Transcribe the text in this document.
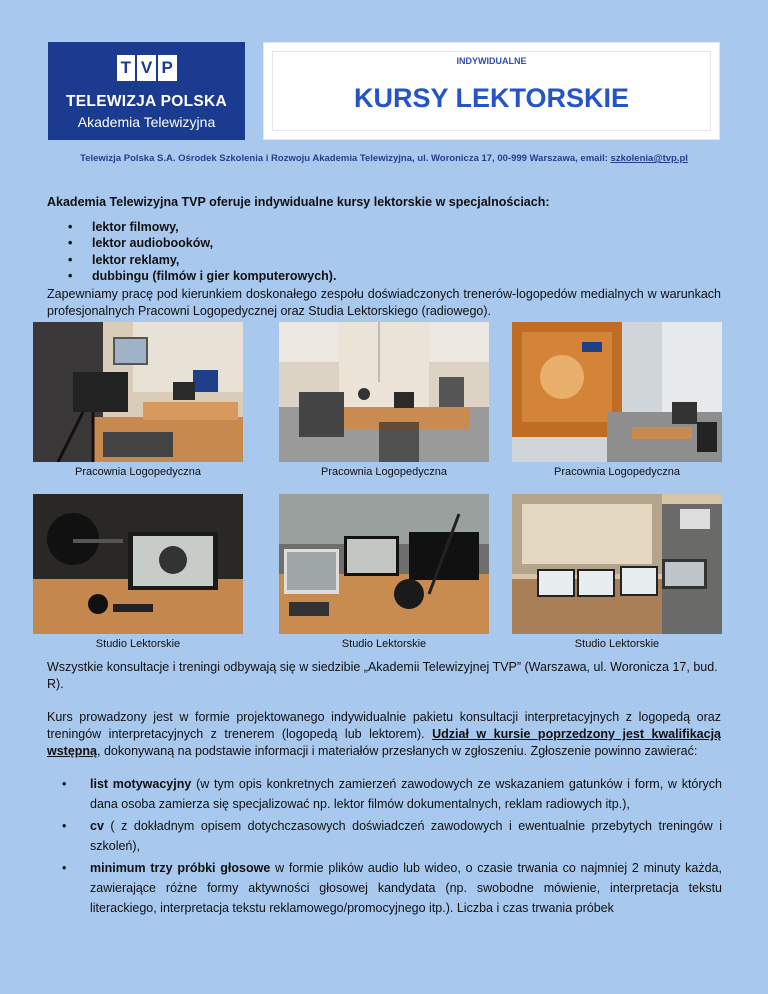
T V P
TELEWIZJA POLSKA
Akademia Telewizyjna
INDYWIDUALNE
KURSY LEKTORSKIE
Telewizja Polska S.A. Ośrodek Szkolenia i Rozwoju Akademia Telewizyjna, ul. Woronicza 17, 00-999 Warszawa, email: szkolenia@tvp.pl
Akademia Telewizyjna TVP oferuje indywidualne kursy lektorskie w specjalnościach:
• lektor filmowy,
• lektor audiobooków,
• lektor reklamy,
• dubbingu (filmów i gier komputerowych).
Zapewniamy pracę pod kierunkiem doskonałego zespołu doświadczonych trenerów-logopedów medialnych w warunkach profesjonalnych Pracowni Logopedycznej oraz Studia Lektorskiego (radiowego).
Pracownia Logopedyczna	Pracownia Logopedyczna	Pracownia Logopedyczna
Studio Lektorskie	Studio Lektorskie	Studio Lektorskie
Wszystkie konsultacje i treningi odbywają się w siedzibie „Akademii Telewizyjnej TVP” (Warszawa, ul. Woronicza 17, bud. R).
Kurs prowadzony jest w formie projektowanego indywidualnie pakietu konsultacji interpretacyjnych z logopedą oraz treningów interpretacyjnych z trenerem (logopedą lub lektorem). Udział w kursie poprzedzony jest kwalifikacją wstępną, dokonywaną na podstawie informacji i materiałów przesłanych w zgłoszeniu. Zgłoszenie powinno zawierać:
• list motywacyjny (w tym opis konkretnych zamierzeń zawodowych ze wskazaniem gatunków i form, w których dana osoba zamierza się specjalizować np. lektor filmów dokumentalnych, reklam radiowych itp.),
• cv ( z dokładnym opisem dotychczasowych doświadczeń zawodowych i ewentualnie przebytych treningów i szkoleń),
• minimum trzy próbki głosowe w formie plików audio lub wideo, o czasie trwania co najmniej 2 minuty każda, zawierające różne formy aktywności głosowej kandydata (np. swobodne mówienie, interpretacja tekstu literackiego, interpretacja tekstu reklamowego/promocyjnego itp.). Liczba i czas trwania próbek
